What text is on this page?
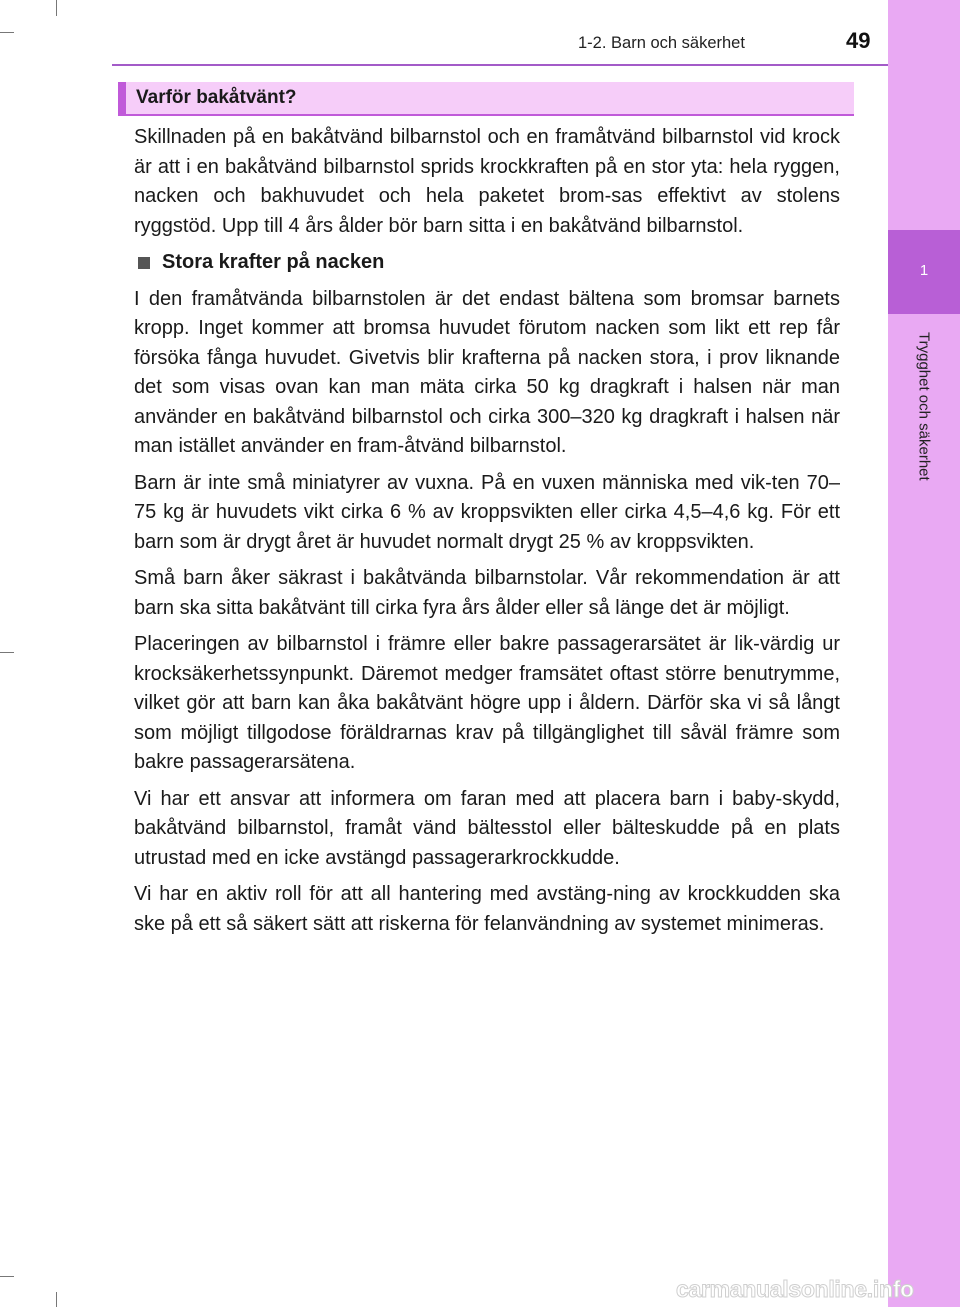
1-2. Barn och säkerhet	49
1
Trygghet och säkerhet
Varför bakåtvänt?

Skillnaden på en bakåtvänd bilbarnstol och en framåtvänd bilbarnstol vid krock är att i en bakåtvänd bilbarnstol sprids krockkraften på en stor yta: hela ryggen, nacken och bakhuvudet och hela paketet brom-sas effektivt av stolens ryggstöd. Upp till 4 års ålder bör barn sitta i en bakåtvänd bilbarnstol.

Stora krafter på nacken

I den framåtvända bilbarnstolen är det endast bältena som bromsar barnets kropp. Inget kommer att bromsa huvudet förutom nacken som likt ett rep får försöka fånga huvudet. Givetvis blir krafterna på nacken stora, i prov liknande det som visas ovan kan man mäta cirka 50 kg dragkraft i halsen när man använder en bakåtvänd bilbarnstol och cirka 300–320 kg dragkraft i halsen när man istället använder en fram-åtvänd bilbarnstol.

Barn är inte små miniatyrer av vuxna. På en vuxen människa med vik-ten 70–75 kg är huvudets vikt cirka 6 % av kroppsvikten eller cirka 4,5–4,6 kg. För ett barn som är drygt året är huvudet normalt drygt 25 % av kroppsvikten.

Små barn åker säkrast i bakåtvända bilbarnstolar. Vår rekommendation är att barn ska sitta bakåtvänt till cirka fyra års ålder eller så länge det är möjligt.

Placeringen av bilbarnstol i främre eller bakre passagerarsätet är lik-värdig ur krocksäkerhetssynpunkt. Däremot medger framsätet oftast större benutrymme, vilket gör att barn kan åka bakåtvänt högre upp i åldern. Därför ska vi så långt som möjligt tillgodose föräldrarnas krav på tillgänglighet till såväl främre som bakre passagerarsätena.

Vi har ett ansvar att informera om faran med att placera barn i baby-skydd, bakåtvänd bilbarnstol, framåt vänd bältesstol eller bälteskudde på en plats utrustad med en icke avstängd passagerarkrockkudde.

Vi har en aktiv roll för att all hantering med avstäng-ning av krockkudden ska ske på ett så säkert sätt att riskerna för felanvändning av systemet minimeras.

carmanualsonline.info
